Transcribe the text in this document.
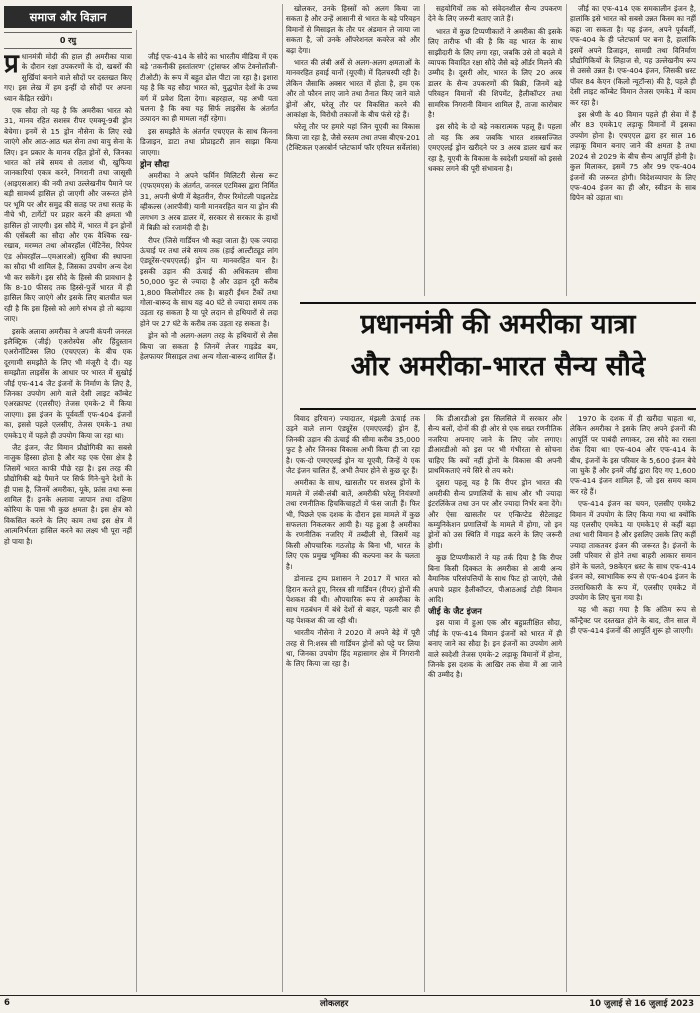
समाज और विज्ञान
0 रघु

प्र धानमंत्री मोदी की हाल ही अमरीका यात्रा के दौरान रक्षा उपकरणों के दो, खबरों की सुर्खियां बनाने वाले सौदों पर दस्तखत किए गए। इस लेख में हम इन्हीं दो सौदों पर अपना ध्यान केंद्रित रखेंगे।

एक सौदा तो यह है कि अमरीका भारत को 31, मानव रहित सशस्त्र रीपर एमक्यू-9बी ड्रोन बेचेगा। इनमें से 15 ड्रोन नौसेना के लिए रखे जाएंगे और आठ-आठ थल सेना तथा वायु सेना के लिए। इन प्रकार के मानव रहित ड्रोनों से, जिनका भारत को लंबे समय से तलाश थी, खुफिया जानकारियां एकत्र करने, निगरानी तथा जासूसी (आइएसआर) की नयी तथा उल्लेखनीय पैमाने पर बड़ी सामर्थ्य हासिल हो जाएगी और जरूरत होने पर भूमि पर और समुद्र की सतह पर तथा सतह के नीचे भी, टार्गेटों पर प्रहार करने की क्षमता भी हासिल हो जाएगी। इस सौदे में, भारत में इन ड्रोनों की एसेंबली का सौदा और एक वैश्विक रख-रखाव, मरम्मत तथा ओवरहॉल (मेंटिनेंस, रिपेयर एंड ओवरहॉल—एमआरओ) सुविधा की स्थापना का सौदा भी शामिल है, जिसका उपयोग अन्य देश भी कर सकेंगे। इस सौदे के हिस्से की प्रावधान है कि 8-10 फीसद तक हिस्से-पुर्जे भारत में ही हासिल किए जाएंगे और इसके लिए बातचीत चल रही है कि इस हिस्से को आगे संभव हो तो बढ़ाया जाए।

इसके अलावा अमरीका ने अपनी कंपनी जनरल इलैक्ट्रिक (जीई) एअरोस्पेस और हिंदुस्तान एअरोनॉटिक्स लि0 (एचएएल) के बीच एक दूरगामी समझौते के लिए भी मंजूरी दे दी। यह समझौता लाइसेंस के आधार पर भारत में सुखोई जीई एफ-414 जैट इंजनों के निर्माण के लिए है, जिनका उपयोग आगे वाले देसी लाइट कॉम्बेट एअरक्राफ्ट (एलसीए) तेजस एमके-2 में किया जाएगा। इस इंजन के पूर्ववर्ती एफ-404 इंजनों का, इससे पहले एलसीए, तेजस एमके-1 तथा एमके1ए में पहले ही उपयोग किया जा रहा था।

जैट इंजन, जैट विमान प्रौद्योगिकी का सबसे नाजुक हिस्सा होता है और यह एक ऐसा क्षेत्र है जिसमें भारत काफी पीछे रहा है। इस तरह की प्रौद्योगिकी बड़े पैमाने पर सिर्फ गिने-चुने देशों के ही पास है, जिनमें अमरीका, यूके, फ्रांस तथा रूस शामिल हैं। इनके अलावा जापान तथा दक्षिण कोरिया के पास भी कुछ क्षमता है। इस क्षेत्र को विकसित करने के लिए काम तथा इस क्षेत्र में आत्मनिर्भरता हासिल करने का लक्ष्य भी पूरा नहीं हो पाया है।

जीई एफ-414 के सौदे का भारतीय मीडिया में एक बड़े 'तकनीकी हस्तांतरण' (ट्रांसफर ऑफ टेक्नोलॉजी-टीओटी) के रूप में बहुत ढोल पीटा जा रहा है। इशारा यह है कि यह सौदा भारत को, युद्धपोत देशों के उच्च वर्ग में प्रवेश दिला देगा। बहरहाल, यह अभी पता चलना है कि क्या यह सिर्फ लाइसेंस के अंतर्गत उत्पादन का ही मामला नहीं रहेगा।

इस समझौते के अंतर्गत एचएएल के साथ किनना डिजाइन, डाटा तथा प्रोप्राइटरी ज्ञान साझा किया जाएगा।

ड्रोन सौदा

अमरीका ने अपने फर्मिन मिलिटरी सेल्स रूट (एफएमएस) के अंतर्गत, जनरल एटमिक्स द्वारा निर्मित 31, अपनी श्रेणी में बेहतरीन, रीपर रिमोटली पाइलटेड व्हीकल्स (आरपीवी) यानी मानवरहित यान या ड्रोन की लगभग 3 अरब डालर में, सरकार से सरकार के हाथों में बिक्री को रजामंदी दी है।

रीपर (जिसे गार्डियन भी कहा जाता है) एक ज्यादा ऊंचाई पर तथा लंबे समय तक (हाई आल्टीट्यूड लांग एंड्यूरेंस-एचएएलई) ड्रोन या मानवरहित यान है। इसकी उड़ान की ऊंचाई की अधिकतम सीमा 50,000 फुट से ज्यादा है और उड़ान दूरी करीब 1,800 किलोमीटर तक है। बाहरी ईंधन टैंकों तथा गोला-बारूद के साथ यह 40 घंटे से ज्यादा समय तक उड़ता रह सकता है या पूरे लदान से हथियारों से लदा होने पर 27 घंटे के करीब तक उड़ता रह सकता है।

ड्रोन को नौ अलग-अलग तरह के हथियारों से लैस किया जा सकता है जिनमें लेजर गाइडेड बम, हेलफायर मिसाइल तथा अन्य गोला-बारूद शामिल हैं।

खोलकर, उनके हिस्सों को अलग किया जा सकता है और उन्हें आसानी से भारत के बड़े परिवहन विमानों से मिसाइल के तौर पर अंडमान ले जाया जा सकता है, जो उनके ऑपरेशनल कवरेज को और बढ़ा देगा।

भारत की लंबी अर्से से अलग-अलग क्षमताओं के मानवरहित हवाई यानों (यूएवी) में दिलचस्पी रही है। लेकिन जैसाकि अक्सर भारत में होता है, हम एक और तो फौरन लाए जाने तथा तैनात किए जाने वाले ड्रोनों और, घरेलू तौर पर विकसित करने की आकांक्षा के, विरोधी तकाजों के बीच फंसे रहे हैं।

घरेलू तौर पर हमारे यहां जिन यूएवी का विकास किया जा रहा है, जैसे रुस्तम तथा तपस बीएच-201 (टैक्टिकल एअरबोर्न प्लेटफार्म फॉर एरियल सर्वेलांस)

सहयोगियों तक को संवेदनशील सैन्य उपकरण देने के लिए जरूरी बताए जाते हैं।

भारत में कुछ टिप्पणीकारों ने अमरीका की इसके लिए तारीफ भी की है कि वह भारत के साथ साझीदारी के लिए लगा रहा, जबकि उसे तो बदले में व्यापक विवादित रक्षा सौदे जैसे बड़े ऑर्डर मिलने की उम्मीद है। दूसरी ओर, भारत के लिए 20 अरब डालर के सैन्य उपकरणों की बिक्री, जिनमें बड़े परिवहन विमानों की शिपमेंट, हैलीकॉप्टर तथा सामरिक निगरानी विमान शामिल हैं, ताजा कारोबार है!

इस सौदे के दो बड़े नकारात्मक पहलू हैं। पहला तो यह कि अब जबकि भारत शस्त्रसज्जित एमएएलई ड्रोन खरीदने पर 3 अरब डालर खर्च कर रहा है, यूएवी के विकास के स्वदेशी प्रयासों को इससे धक्का लगने की पूरी संभावना है।

जीई का एफ-414 एक समकालीन इंजन है, हालांकि इसे भारत को सबसे उन्नत किस्म का नहीं कहा जा सकता है। यह इंजन, अपने पूर्ववर्ती, एफ-404 के ही प्लेटफार्म पर बना है, हालांकि इसमें अपने डिजाइन, सामग्री तथा विनिर्माण प्रौद्योगिकियों के लिहाज से, यह उल्लेखनीय रूप से उससे उन्नत है। एफ-404 इंजन, जिसकी थ्रस्ट पॉवर 84 केएन (किलो न्यूटॉन्स) की है, पहले ही देसी लाइट कॉम्बेट विमान तेजस एमके1 में काम कर रहा है।

इस श्रेणी के 40 विमान पहले ही सेवा में हैं और 83 एमके1ए लड़ाकू विमानों में इसका उपयोग होना है। एचएएल द्वारा हर साल 16 लड़ाकू विमान बनाए जाने की क्षमता है तथा 2024 से 2029 के बीच सैन्य आपूर्ति होनी है। कुल मिलाकर, इसमें 75 और 99 एफ-404 इंजनों की जरूरत होगी। विदेशव्यापार के लिए एफ-404 इंजन का ही और, स्वीडन के साब ग्रिपेन को उड़ाता था।

प्रधानमंत्री की अमरीका यात्रा
और अमरीका-भारत सैन्य सौदे

विवाद हरियान) ज्यादातर, मंझली ऊंचाई तक उड़ने वाले लान्ग एंड्यूरेंस (एमएएलई) ड्रोन हैं, जिनकी उड़ान की ऊंचाई की सीमा करीब 35,000 फुट है और जिनका विकास अभी किया ही जा रहा है। एक-दो एमएएलई ड्रोन या यूएवी, जिन्हें ये एक जैट इंजन चालित हैं, अभी तैयार होने से कुछ दूर हैं।

अमरीका के साथ, खासतौर पर सशस्त्र ड्रोनों के मामले में लंबी-लंबी बातें, अमरीकी घरेलू नियंत्रणों तथा रणनीतिक हिचकिचाहटों में फंस जाती हैं। फिर भी, पिछले एक दशक के दौरान इस मामले में कुछ सफलता निकलकर आयी है। यह हुआ है अमरीका के रणनीतिक नजरिए में तब्दीली से, जिसमें वह किसी औपचारिक गठजोड़ के बिना भी, भारत के लिए एक प्रमुख भूमिका की कल्पना कर के चलता है।

डोनाल्ड ट्रम्प प्रशासन ने 2017 में भारत को हिरान करते हुए, निरस्त्र सी गार्डियन (रीपर) ड्रोनों की पेशकश की थी। औपचारिक रूप से अमरीका के साथ गठबंधन में बंधे देशों से बाहर, पहली बार ही यह पेशकश की जा रही थी।

भारतीय नौसेना ने 2020 में अपने बेड़े में पूरी तरह से नि:शस्त्र सी गार्डियन ड्रोनों को पट्टे पर लिया था, जिनका उपयोग हिंद महासागर क्षेत्र में निगरानी के लिए किया जा रहा है।

कि डीआरडीओ इस सिलसिले में सरकार और सैन्य बलों, दोनों की ही ओर से एक सख्त रणनीतिक नजरिया अपनाए जाने के लिए जोर लगाए। डीआरडीओ को इस पर भी गंभीरता से सोचना चाहिए कि क्यों नहीं ड्रोनों के विकास की अपनी प्राथमिकताएं नये सिरे से तय करे।

दूसरा पहलू यह है कि रीपर ड्रोन भारत की अमरीकी सैन्य प्रणालियों के साथ और भी ज्यादा इंटरलिंकेज तथा उन पर और ज्यादा निर्भर बना देंगे। और ऐसा खासतौर पर एन्क्रिप्टेड सैटेलाइट कम्युनिकेशन प्रणालियों के मामले में होगा, जो इन ड्रोनों को उस स्थिति में गाइड करने के लिए जरूरी होगी।

कुछ टिप्पणीकारों ने यह तर्क दिया है कि रीपर बिना किसी दिक्कत के अमरीका से आयी अन्य वैमानिक परिसंपत्तियों के साथ फिट हो जाएंगे, जैसे अपाचे प्रहार हैलीकॉप्टर, पीआठआई टोही विमान आदि।

जीई के जैट इंजन

इस यात्रा में हुआ एक और बहुप्रतीक्षित सौदा, जीई के एफ-414 विमान इंजनों को भारत में ही बनाए जाने का सौदा है। इन इंजनों का उपयोग आगे वाले स्वदेशी तेजस एमके-2 लड़ाकू विमानों में होना, जिनके इस दशक के आखिर तक सेवा में आ जाने की उम्मीद है।

1970 के दशक में ही खरीदा चाहता था, लेकिन अमरीका ने इसके लिए अपने इंजनों की आपूर्ति पर पाबंदी लगाकर, उस सौदे का रास्ता रोक दिया था! एफ-404 और एफ-414 के बीच, इंजनों के इस परिवार के 5,600 इंजन बेचे जा चुके हैं और इनमें जीई द्वारा दिए गए 1,600 एफ-414 इंजन शामिल हैं, जो इस समय काम कर रहे हैं।

एफ-414 इंजन का चयन, एलसीए एमके2 विमान में उपयोग के लिए किया गया था क्योंकि यह एलसीए एमके1 या एमके1ए से कहीं बड़ा तथा भारी विमान है और इसलिए उसके लिए कहीं ज्यादा ताकतवर इंजन की जरूरत है। इंजनों के उसी परिवार से होने तथा बाहरी आकार समान होने के चलते, 98केएन थ्रस्ट के साथ एफ-414 इंजन को, स्वाभाविक रूप से एफ-404 इंजन के उत्तराधिकारी के रूप में, एलसीए एमके2 में उपयोग के लिए चुना गया है।

यह भी कहा गया है कि अंतिम रूप से कॉन्ट्रैक्ट पर दस्तखत होने के बाद, तीन साल में ही एफ-414 इंजनों की आपूर्ति शुरू हो जाएगी।

6	लोकलहर	10 जुलाई से 16 जुलाई 2023
